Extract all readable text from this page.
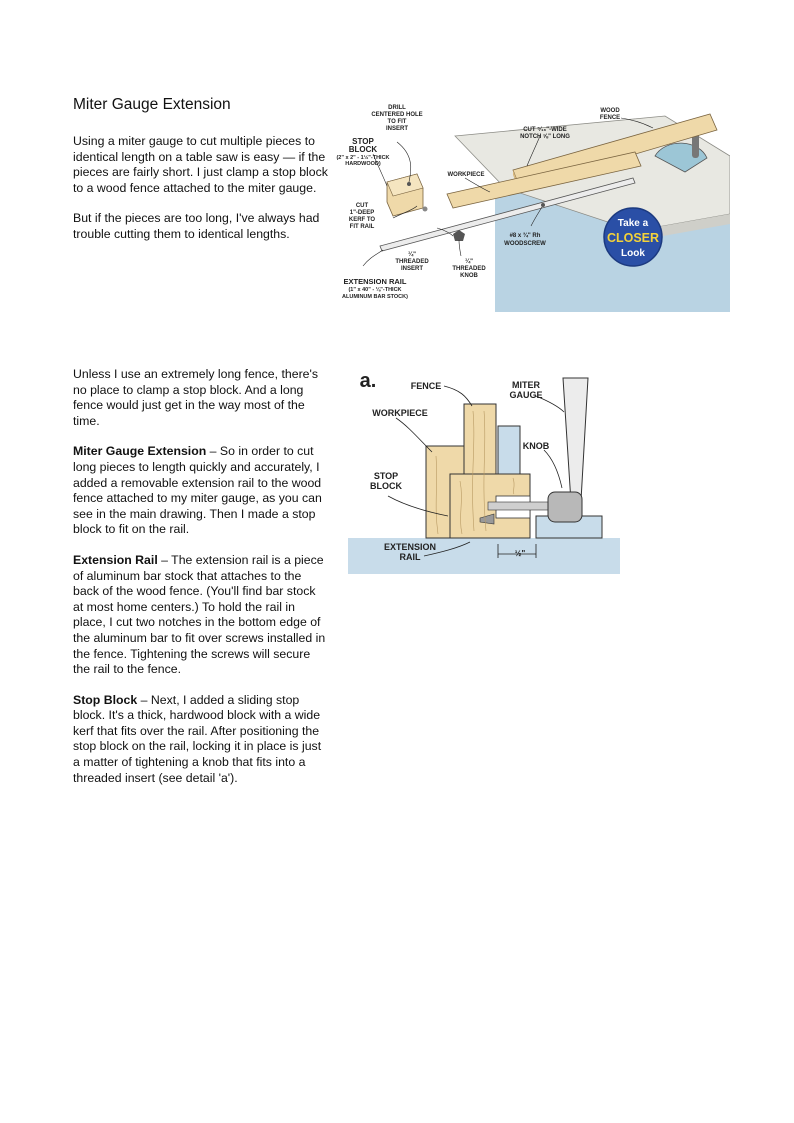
Miter Gauge Extension

Using a miter gauge to cut multiple pieces to identical length on a table saw is easy — if the pieces are fairly short. I just clamp a stop block to a wood fence attached to the miter gauge.

But if the pieces are too long, I've always had trouble cutting them to identical lengths.

Unless I use an extremely long fence, there's no place to clamp a stop block. And a long fence would just get in the way most of the time.

Miter Gauge Extension – So in order to cut long pieces to length quickly and accurately, I added a removable extension rail to the wood fence attached to my miter gauge, as you can see in the main drawing. Then I made a stop block to fit on the rail.

Extension Rail – The extension rail is a piece of aluminum bar stock that attaches to the back of the wood fence. (You'll find bar stock at most home centers.) To hold the rail in place, I cut two notches in the bottom edge of the aluminum bar to fit over screws installed in the fence. Tightening the screws will secure the rail to the fence.

Stop Block – Next, I added a sliding stop block. It's a thick, hardwood block with a wide kerf that fits over the rail. After positioning the stop block on the rail, locking it in place is just a matter of tightening a knob that fits into a threaded insert (see detail 'a').

DRILL
CENTERED HOLE
TO FIT
INSERT
STOP
BLOCK
(2" x 2" - 1½"-THICK
HARDWOOD)
CUT
1"-DEEP
KERF TO
FIT RAIL
¼"
THREADED
INSERT
¼"
THREADED
KNOB
EXTENSION RAIL
(1" x 40" - ⅛"-THICK
ALUMINUM BAR STOCK)
WORKPIECE
CUT ⁵⁄₁₆"-WIDE
NOTCH ⅝" LONG
WOOD
FENCE
#8 x ¾" Rh
WOODSCREW
Take a
CLOSER
Look
a.	FENCE	MITER
GAUGE
WORKPIECE
KNOB
STOP
BLOCK
EXTENSION
RAIL	½"
